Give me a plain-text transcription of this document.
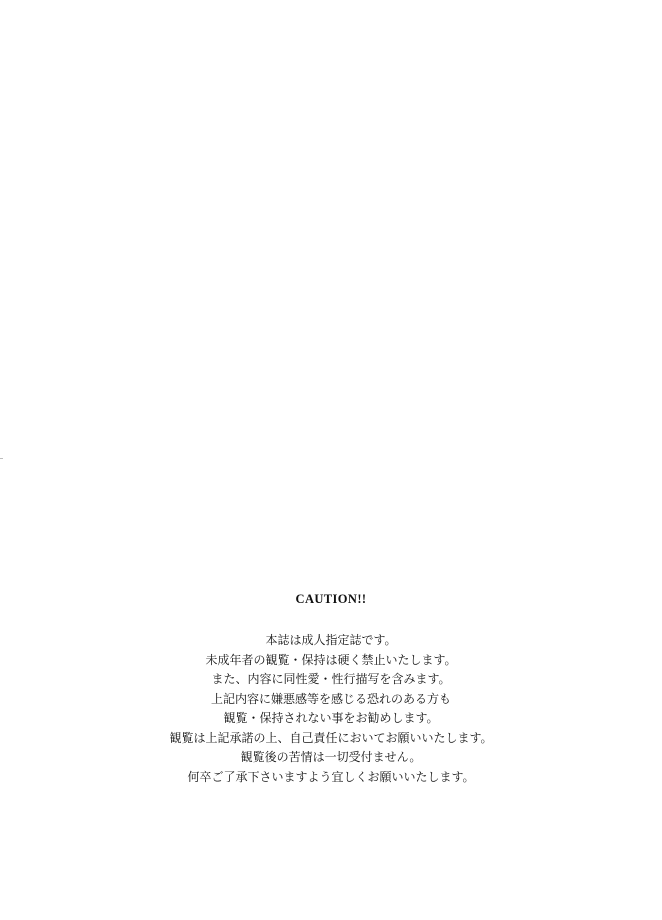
CAUTION!!
本誌は成人指定誌です。
未成年者の観覧・保持は硬く禁止いたします。
また、内容に同性愛・性行描写を含みます。
上記内容に嫌悪感等を感じる恐れのある方も
観覧・保持されない事をお勧めします。
観覧は上記承諾の上、自己責任においてお願いいたします。
観覧後の苦情は一切受付ません。
何卒ご了承下さいますよう宜しくお願いいたします。
